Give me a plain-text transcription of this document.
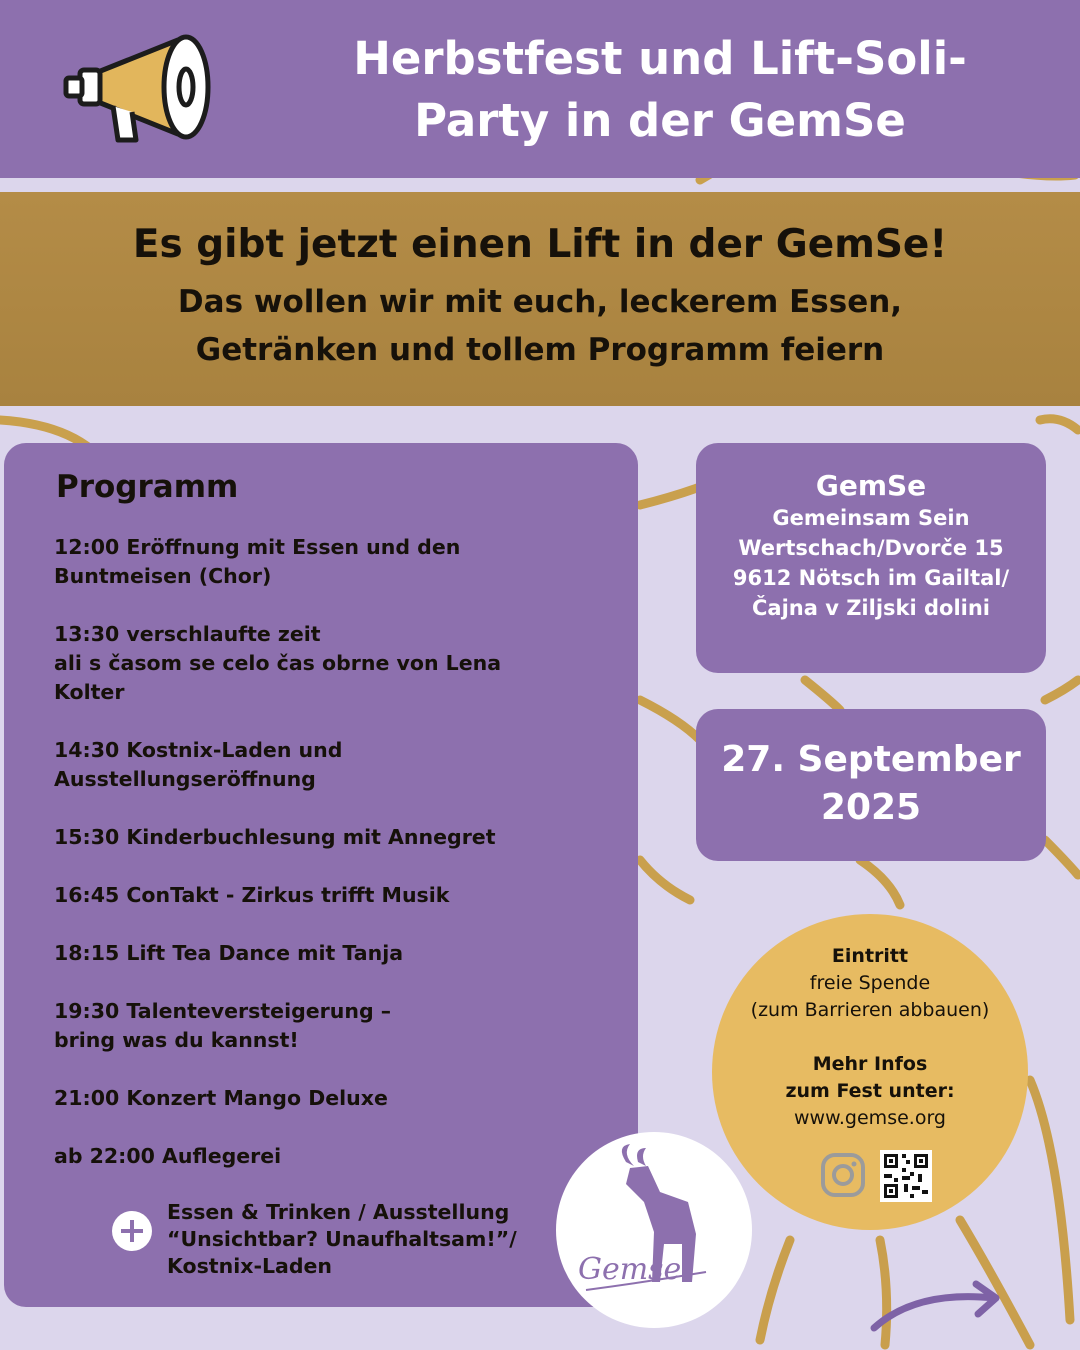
Herbstfest und Lift-Soli-
Party in der GemSe
Es gibt jetzt einen Lift in der GemSe!
Das wollen wir mit euch, leckerem Essen,
Getränken und tollem Programm feiern
Programm
12:00 Eröffnung mit Essen und den
Buntmeisen (Chor)
13:30 verschlaufte zeit
ali s časom se celo čas obrne von Lena
Kolter
14:30 Kostnix-Laden und
Ausstellungseröffnung
15:30 Kinderbuchlesung mit Annegret
16:45 ConTakt - Zirkus trifft Musik
18:15 Lift Tea Dance mit Tanja
19:30 Talenteversteigerung –
bring was du kannst!
21:00 Konzert Mango Deluxe
ab 22:00 Auflegerei
Essen & Trinken / Ausstellung
“Unsichtbar? Unaufhaltsam!”/
Kostnix-Laden
GemSe
Gemeinsam Sein
Wertschach/Dvorče 15
9612 Nötsch im Gailtal/
Čajna v Ziljski dolini
27. September
2025
Eintritt
freie Spende
(zum Barrieren abbauen)
Mehr Infos
zum Fest unter:
www.gemse.org
Gemse
